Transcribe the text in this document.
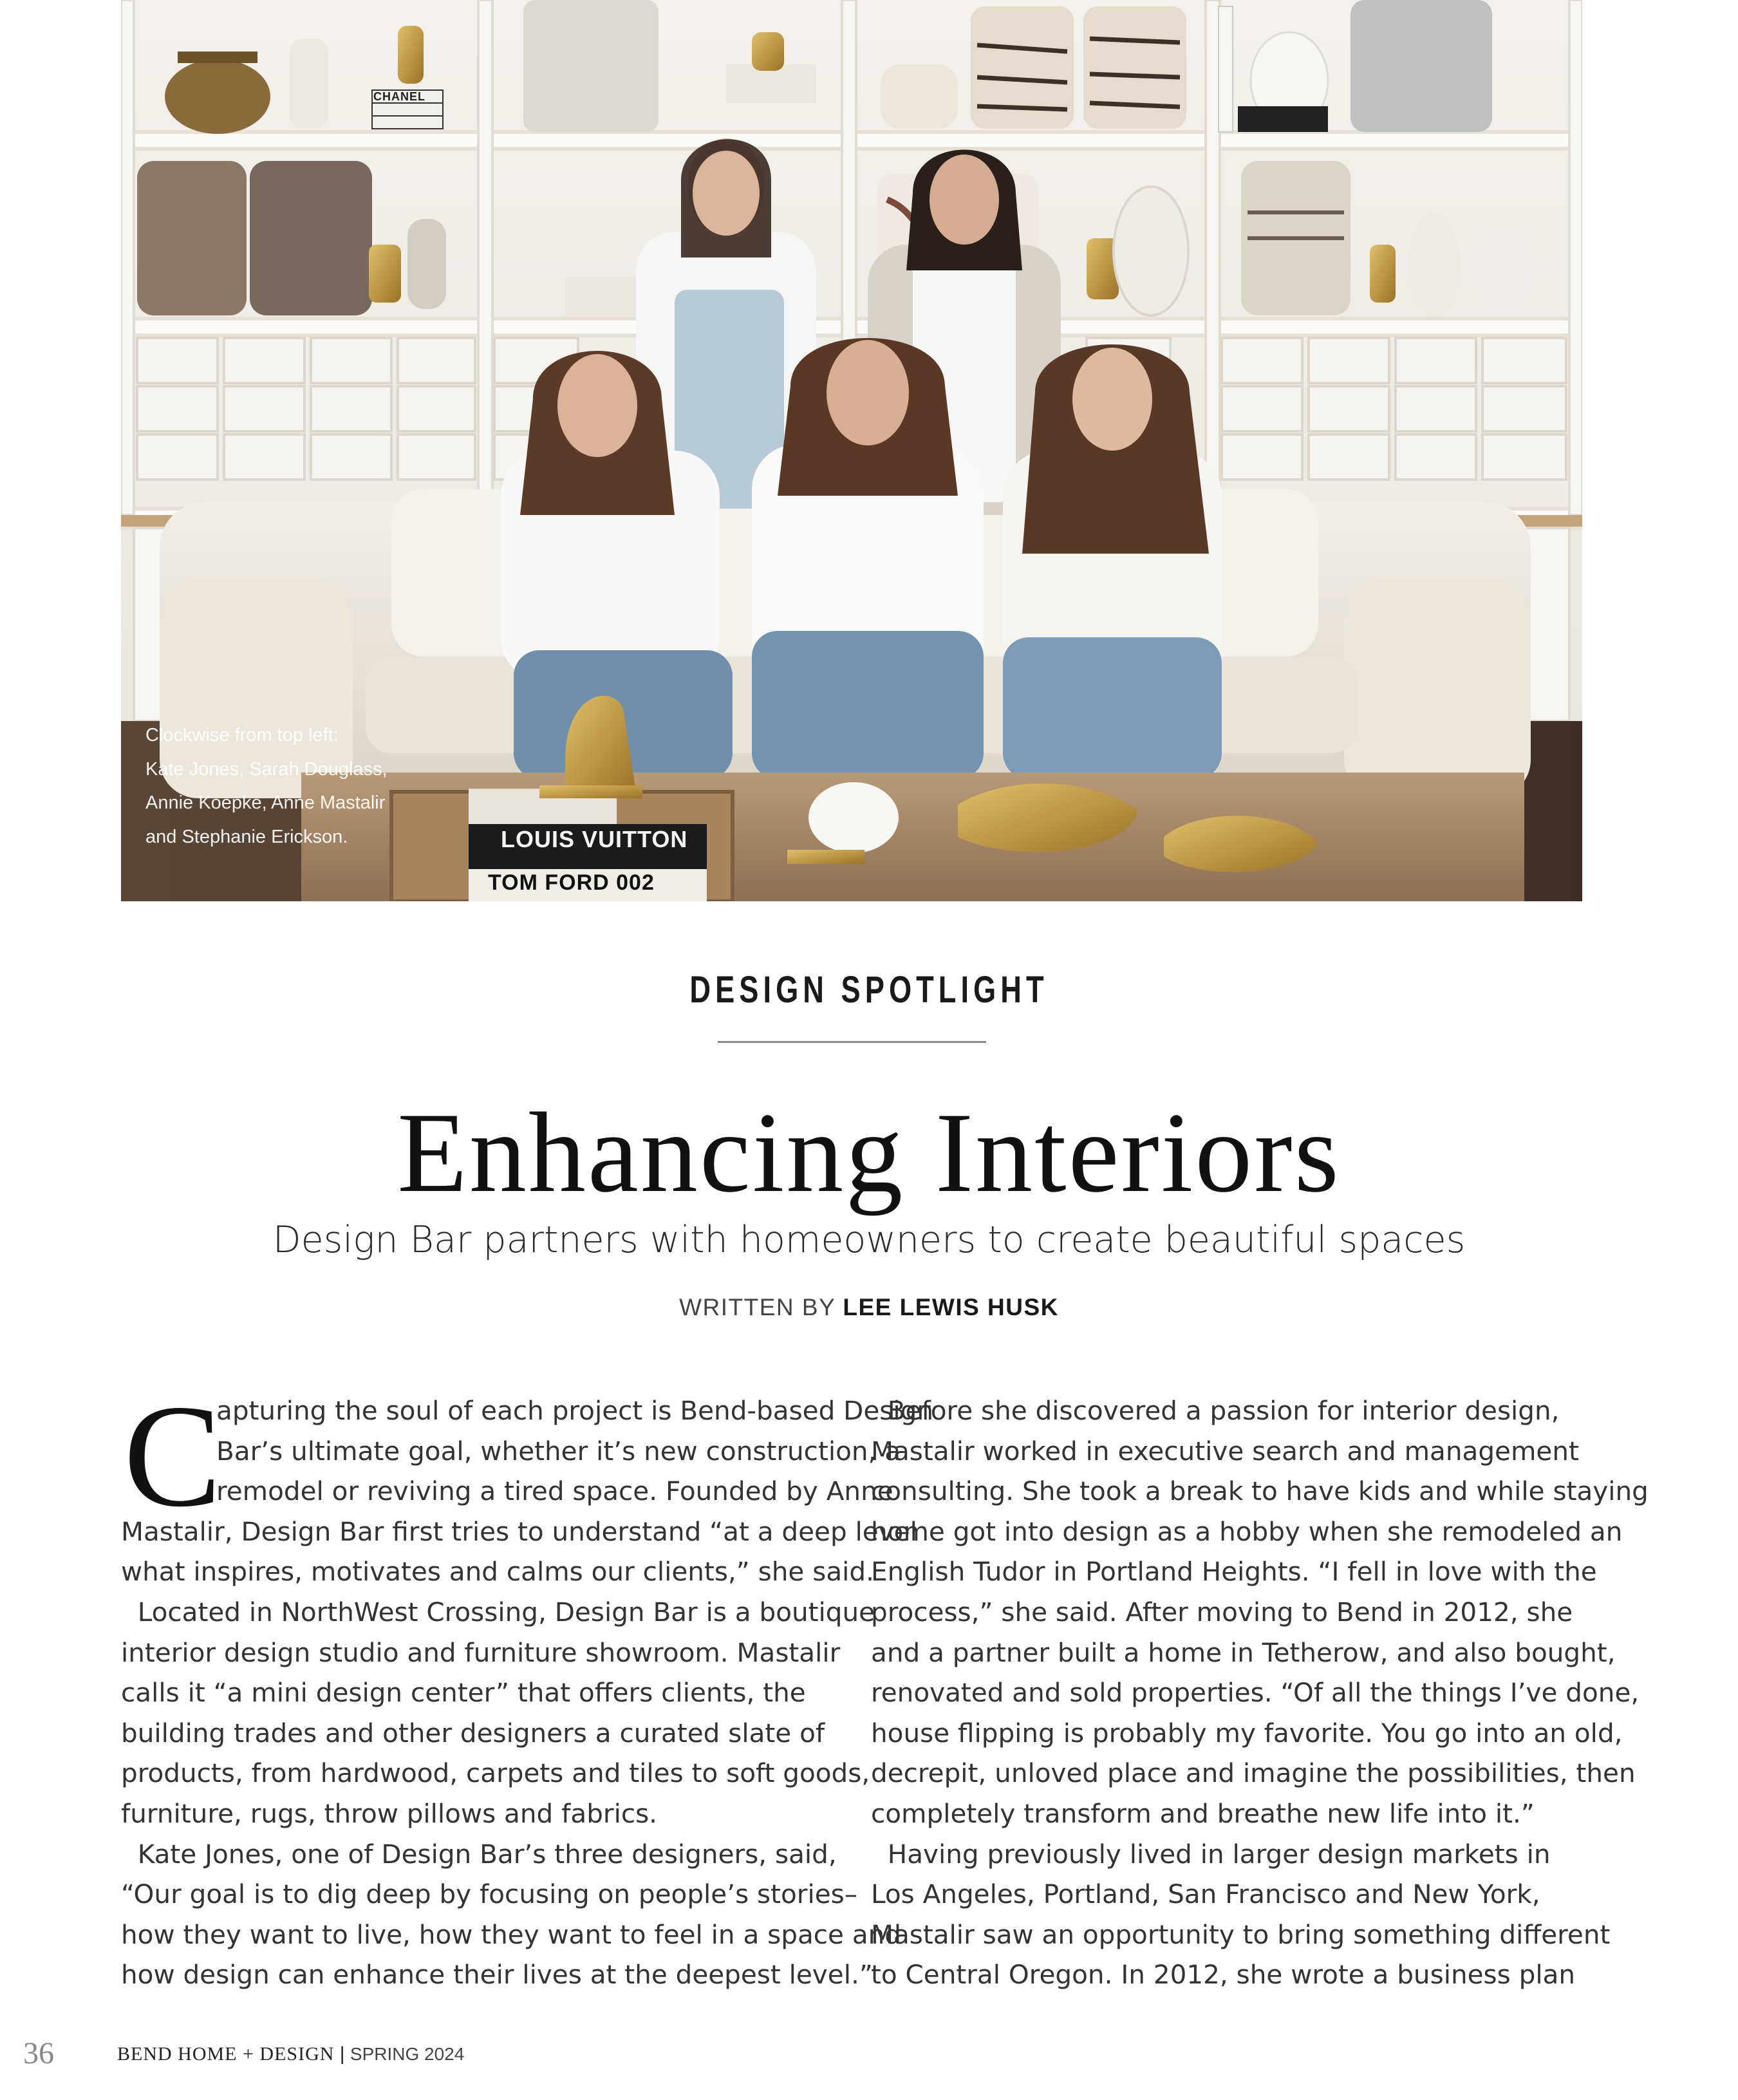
CHANEL
LOUIS VUITTON
TOM FORD 002
Clockwise from top left:
Kate Jones, Sarah Douglass,
Annie Koepke, Anne Mastalir
and Stephanie Erickson.
DESIGN SPOTLIGHT
Enhancing Interiors
Design Bar partners with homeowners to create beautiful spaces
WRITTEN BY LEE LEWIS HUSK
C
apturing the soul of each project is Bend-based Design
Bar’s ultimate goal, whether it’s new construction, a
remodel or reviving a tired space. Founded by Anne
Mastalir, Design Bar first tries to understand “at a deep level
what inspires, motivates and calms our clients,” she said.
Located in NorthWest Crossing, Design Bar is a boutique
interior design studio and furniture showroom. Mastalir
calls it “a mini design center” that offers clients, the
building trades and other designers a curated slate of
products, from hardwood, carpets and tiles to soft goods,
furniture, rugs, throw pillows and fabrics.
Kate Jones, one of Design Bar’s three designers, said,
“Our goal is to dig deep by focusing on people’s stories–
how they want to live, how they want to feel in a space and
how design can enhance their lives at the deepest level.”
Before she discovered a passion for interior design,
Mastalir worked in executive search and management
consulting. She took a break to have kids and while staying
home got into design as a hobby when she remodeled an
English Tudor in Portland Heights. “I fell in love with the
process,” she said. After moving to Bend in 2012, she
and a partner built a home in Tetherow, and also bought,
renovated and sold properties. “Of all the things I’ve done,
house flipping is probably my favorite. You go into an old,
decrepit, unloved place and imagine the possibilities, then
completely transform and breathe new life into it.”
Having previously lived in larger design markets in
Los Angeles, Portland, San Francisco and New York,
Mastalir saw an opportunity to bring something different
to Central Oregon. In 2012, she wrote a business plan
36	BEND HOME + DESIGN | SPRING 2024
